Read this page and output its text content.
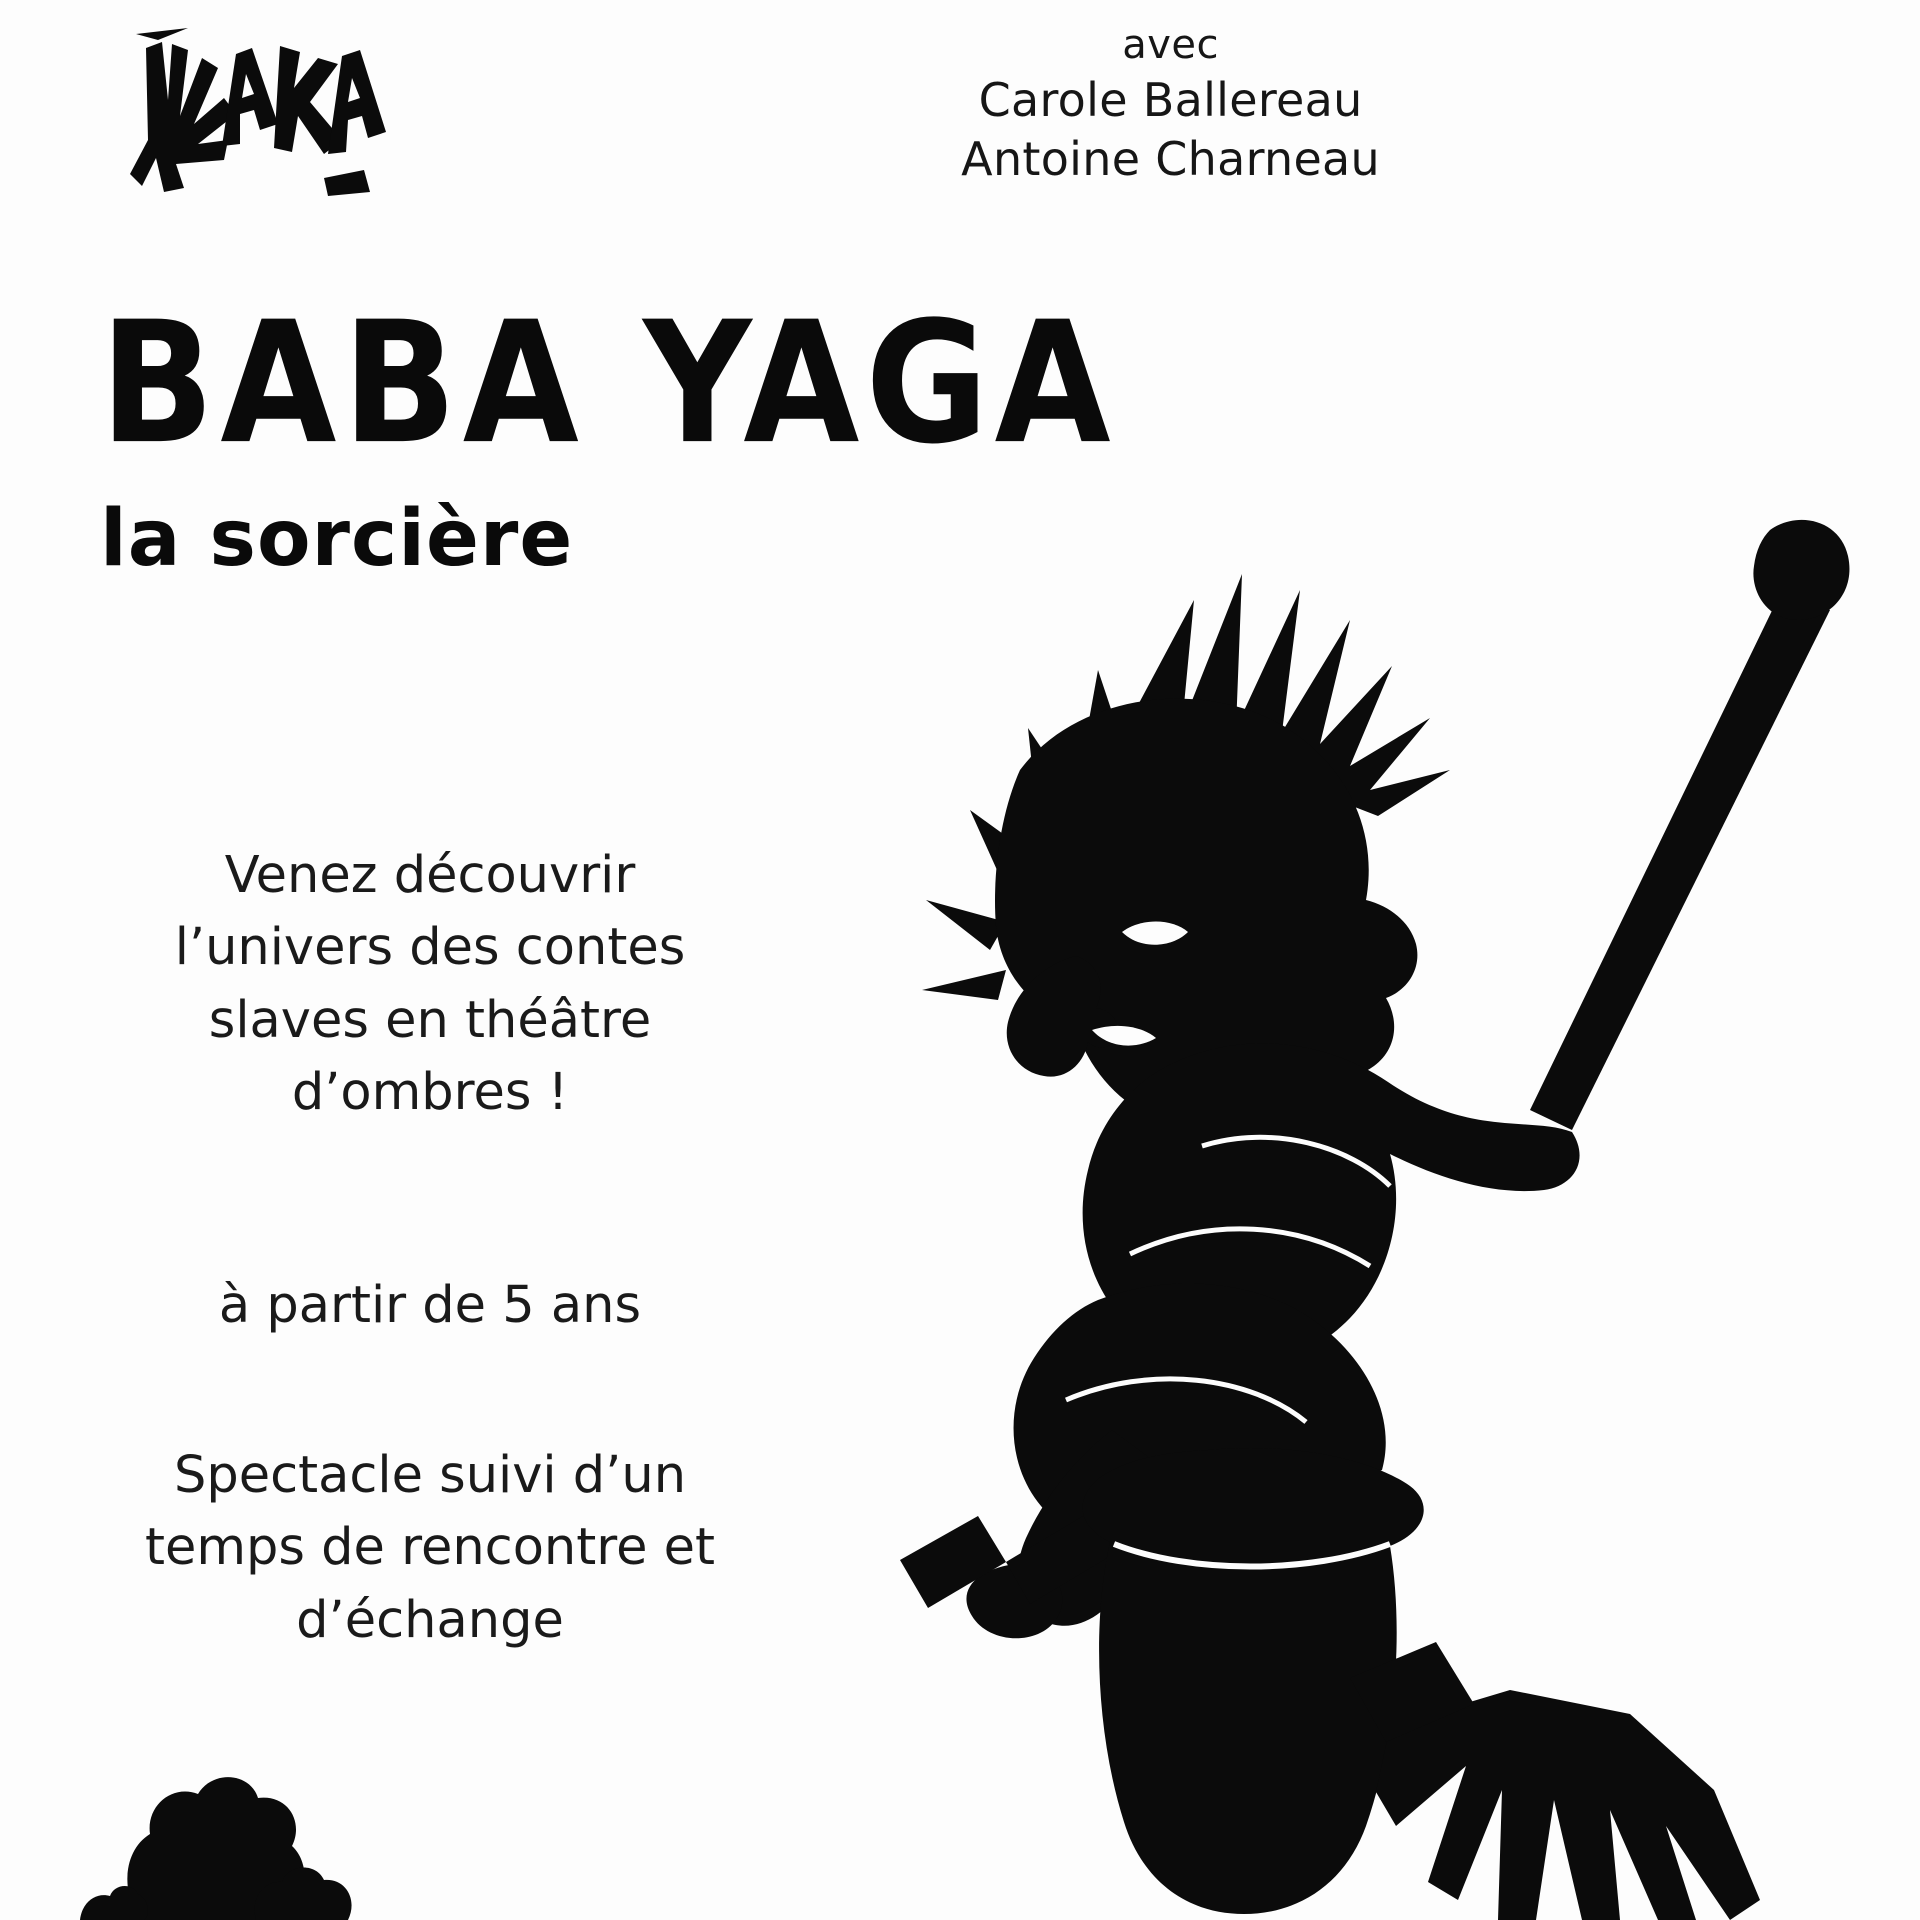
avec
Carole Ballereau
Antoine Charneau
BABA YAGA
la sorcière
Venez découvrir l’univers des contes slaves en théâtre d’ombres !
à partir de 5 ans
Spectacle suivi d’un temps de rencontre et d’échange
